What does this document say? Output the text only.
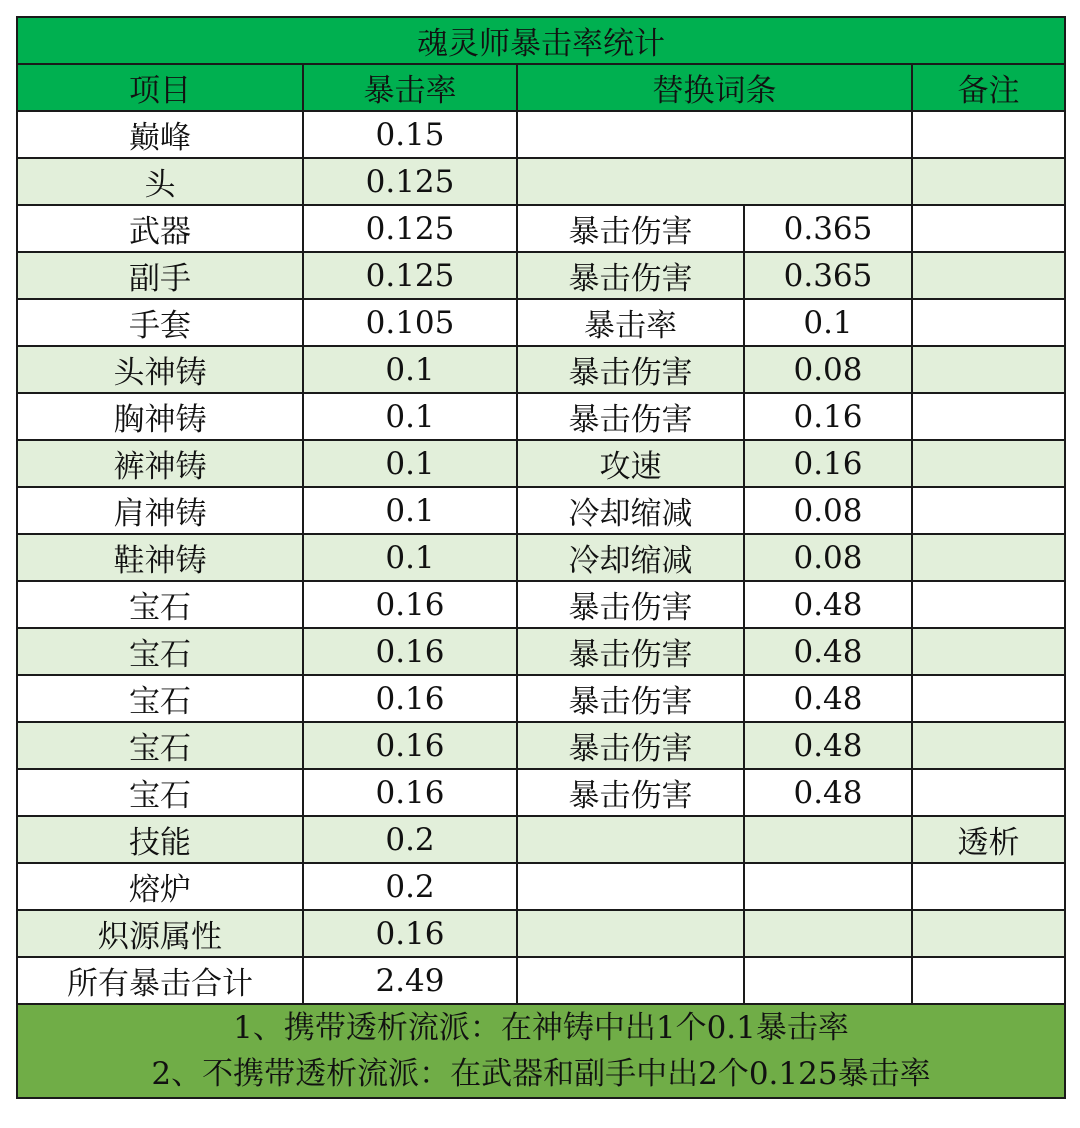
魂灵师暴击率统计				
项目	暴击率	替换词条		备注
巅峰	0.15			
头	0.125			
武器	0.125	暴击伤害	0.365	
副手	0.125	暴击伤害	0.365	
手套	0.105	暴击率	0.1	
头神铸	0.1	暴击伤害	0.08	
胸神铸	0.1	暴击伤害	0.16	
裤神铸	0.1	攻速	0.16	
肩神铸	0.1	冷却缩减	0.08	
鞋神铸	0.1	冷却缩减	0.08	
宝石	0.16	暴击伤害	0.48	
宝石	0.16	暴击伤害	0.48	
宝石	0.16	暴击伤害	0.48	
宝石	0.16	暴击伤害	0.48	
宝石	0.16	暴击伤害	0.48	
技能	0.2			透析
熔炉	0.2			
炽源属性	0.16			
所有暴击合计	2.49			

1、携带透析流派：在神铸中出1个0.1暴击率
2、不携带透析流派：在武器和副手中出2个0.125暴击率				
